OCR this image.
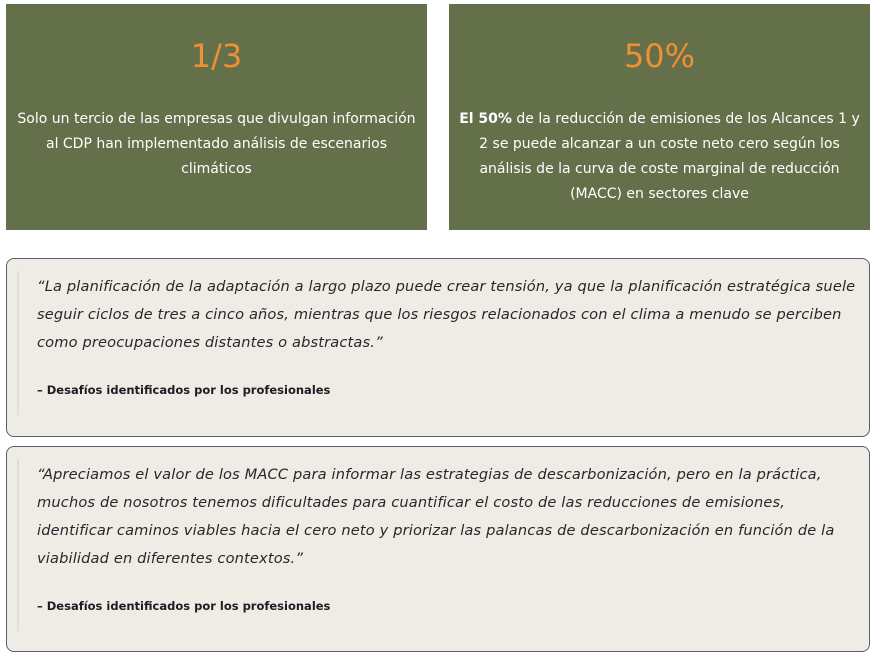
1/3
Solo un tercio de las empresas que divulgan información al CDP han implementado análisis de escenarios climáticos
50%
El 50% de la reducción de emisiones de los Alcances 1 y 2 se puede alcanzar a un coste neto cero según los análisis de la curva de coste marginal de reducción (MACC) en sectores clave
“La planificación de la adaptación a largo plazo puede crear tensión, ya que la planificación estratégica suele seguir ciclos de tres a cinco años, mientras que los riesgos relacionados con el clima a menudo se perciben como preocupaciones distantes o abstractas.”
– Desafíos identificados por los profesionales
“Apreciamos el valor de los MACC para informar las estrategias de descarbonización, pero en la práctica, muchos de nosotros tenemos dificultades para cuantificar el costo de las reducciones de emisiones, identificar caminos viables hacia el cero neto y priorizar las palancas de descarbonización en función de la viabilidad en diferentes contextos.”
– Desafíos identificados por los profesionales
